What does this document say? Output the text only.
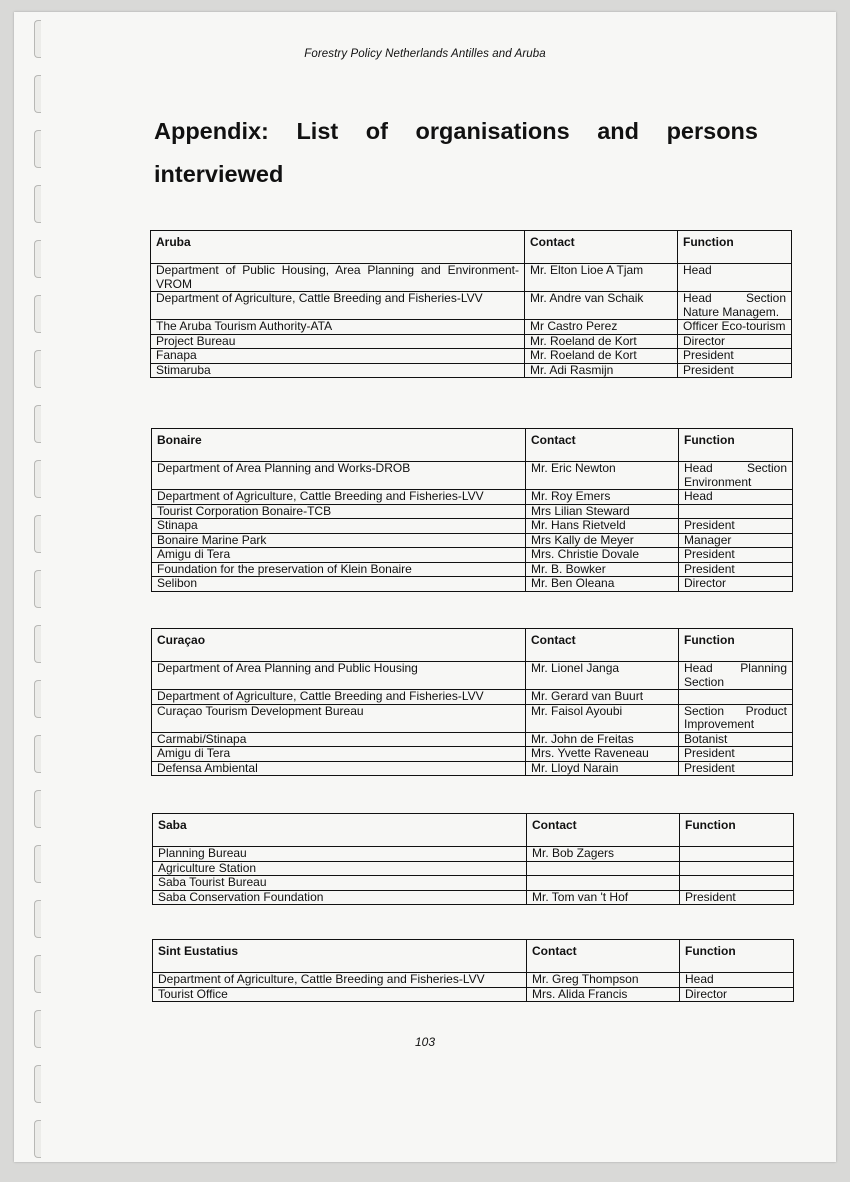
Forestry Policy Netherlands Antilles and Aruba
Appendix: List of organisations and persons interviewed
Aruba	Contact	Function
Department of Public Housing, Area Planning and Environment-VROM	Mr. Elton Lioe A Tjam	Head
Department of Agriculture, Cattle Breeding and Fisheries-LVV	Mr. Andre van Schaik	Head Section Nature Managem.
The Aruba Tourism Authority-ATA	Mr Castro Perez	Officer Eco-tourism
Project Bureau	Mr. Roeland de Kort	Director
Fanapa	Mr. Roeland de Kort	President
Stimaruba	Mr. Adi Rasmijn	President
Bonaire	Contact	Function
Department of Area Planning and Works-DROB	Mr. Eric Newton	Head Section Environment
Department of Agriculture, Cattle Breeding and Fisheries-LVV	Mr. Roy Emers	Head
Tourist Corporation Bonaire-TCB	Mrs Lilian Steward	
Stinapa	Mr. Hans Rietveld	President
Bonaire Marine Park	Mrs Kally de Meyer	Manager
Amigu di Tera	Mrs. Christie Dovale	President
Foundation for the preservation of Klein Bonaire	Mr. B. Bowker	President
Selibon	Mr. Ben Oleana	Director
Curaçao	Contact	Function
Department of Area Planning and Public Housing	Mr. Lionel Janga	Head Planning Section
Department of Agriculture, Cattle Breeding and Fisheries-LVV	Mr. Gerard van Buurt	
Curaçao Tourism Development Bureau	Mr. Faisol Ayoubi	Section Product Improvement
Carmabi/Stinapa	Mr. John de Freitas	Botanist
Amigu di Tera	Mrs. Yvette Raveneau	President
Defensa Ambiental	Mr. Lloyd Narain	President
Saba	Contact	Function
Planning Bureau	Mr. Bob Zagers	
Agriculture Station		
Saba Tourist Bureau		
Saba Conservation Foundation	Mr. Tom van 't Hof	President
Sint Eustatius	Contact	Function
Department of Agriculture, Cattle Breeding and Fisheries-LVV	Mr. Greg Thompson	Head
Tourist Office	Mrs. Alida Francis	Director
103
